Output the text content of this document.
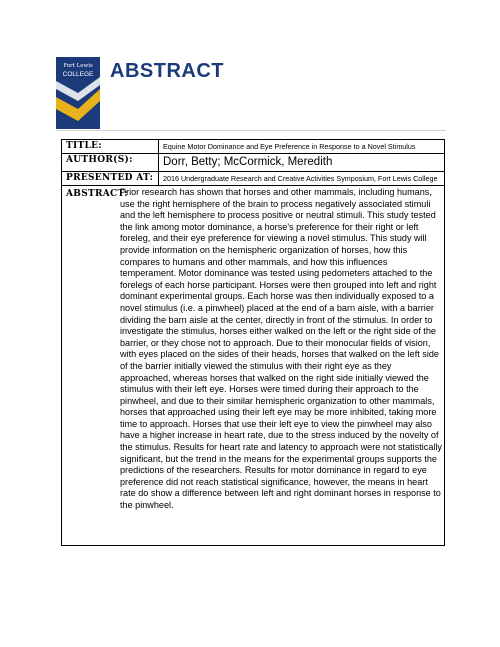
Fort Lewis
COLLEGE ABSTRACT
TITLE:	Equine Motor Dominance and Eye Preference in Response to a Novel Stimulus
AUTHOR(S):	Dorr, Betty; McCormick, Meredith
PRESENTED AT:	2016 Undergraduate Research and Creative Activities Symposium, Fort Lewis College
ABSTRACT:
Prior research has shown that horses and other mammals, including humans, use the right hemisphere of the brain to process negatively associated stimuli and the left hemisphere to process positive or neutral stimuli. This study tested the link among motor dominance, a horse's preference for their right or left foreleg, and their eye preference for viewing a novel stimulus. This study will provide information on the hemispheric organization of horses, how this compares to humans and other mammals, and how this influences temperament. Motor dominance was tested using pedometers attached to the forelegs of each horse participant. Horses were then grouped into left and right dominant experimental groups. Each horse was then individually exposed to a novel stimulus (i.e. a pinwheel) placed at the end of a barn aisle, with a barrier dividing the barn aisle at the center, directly in front of the stimulus. In order to investigate the stimulus, horses either walked on the left or the right side of the barrier, or they chose not to approach. Due to their monocular fields of vision, with eyes placed on the sides of their heads, horses that walked on the left side of the barrier initially viewed the stimulus with their right eye as they approached, whereas horses that walked on the right side initially viewed the stimulus with their left eye. Horses were timed during their approach to the pinwheel, and due to their similar hemispheric organization to other mammals, horses that approached using their left eye may be more inhibited, taking more time to approach. Horses that use their left eye to view the pinwheel may also have a higher increase in heart rate, due to the stress induced by the novelty of the stimulus. Results for heart rate and latency to approach were not statistically significant, but the trend in the means for the experimental groups supports the predictions of the researchers. Results for motor dominance in regard to eye preference did not reach statistical significance, however, the means in heart rate do show a difference between left and right dominant horses in response to the pinwheel.
